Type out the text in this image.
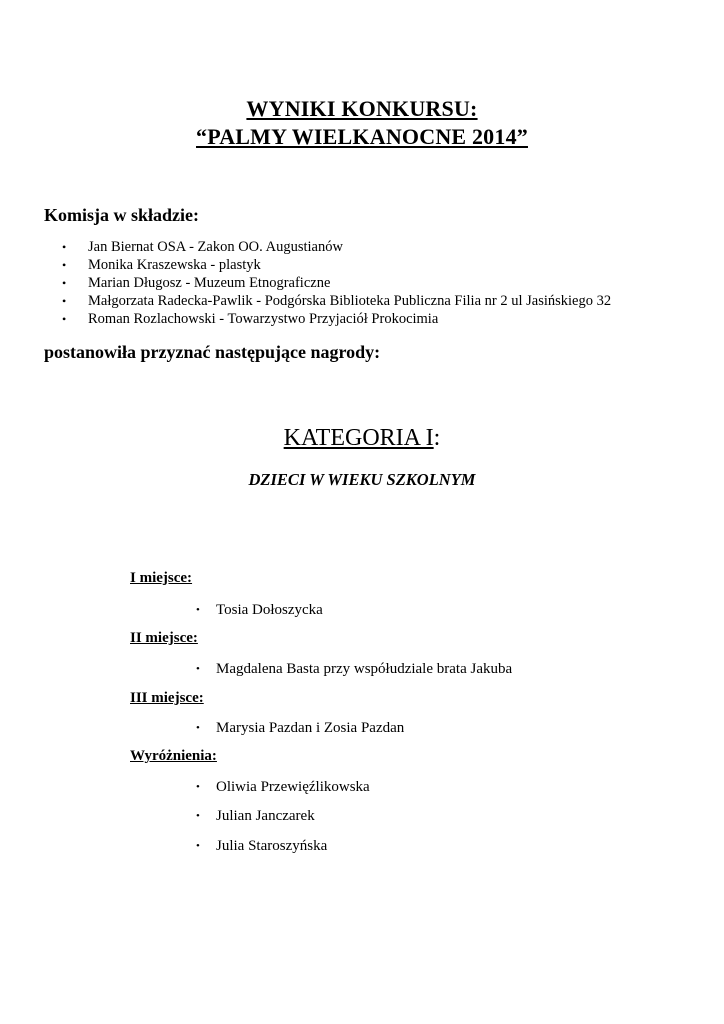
WYNIKI KONKURSU:
“PALMY WIELKANOCNE 2014”
Komisja w składzie:
• Jan Biernat OSA - Zakon OO. Augustianów
• Monika Kraszewska - plastyk
• Marian Długosz - Muzeum Etnograficzne
• Małgorzata Radecka-Pawlik - Podgórska Biblioteka Publiczna Filia nr 2 ul Jasińskiego 32
• Roman Rozlachowski - Towarzystwo Przyjaciół Prokocimia
postanowiła przyznać następujące nagrody:
KATEGORIA I:
DZIECI W WIEKU SZKOLNYM
I miejsce:
• Tosia Dołoszycka
II miejsce:
• Magdalena Basta przy współudziale brata Jakuba
III miejsce:
• Marysia Pazdan i Zosia Pazdan
Wyróżnienia:
• Oliwia Przewięźlikowska
• Julian Janczarek
• Julia Staroszyńska
